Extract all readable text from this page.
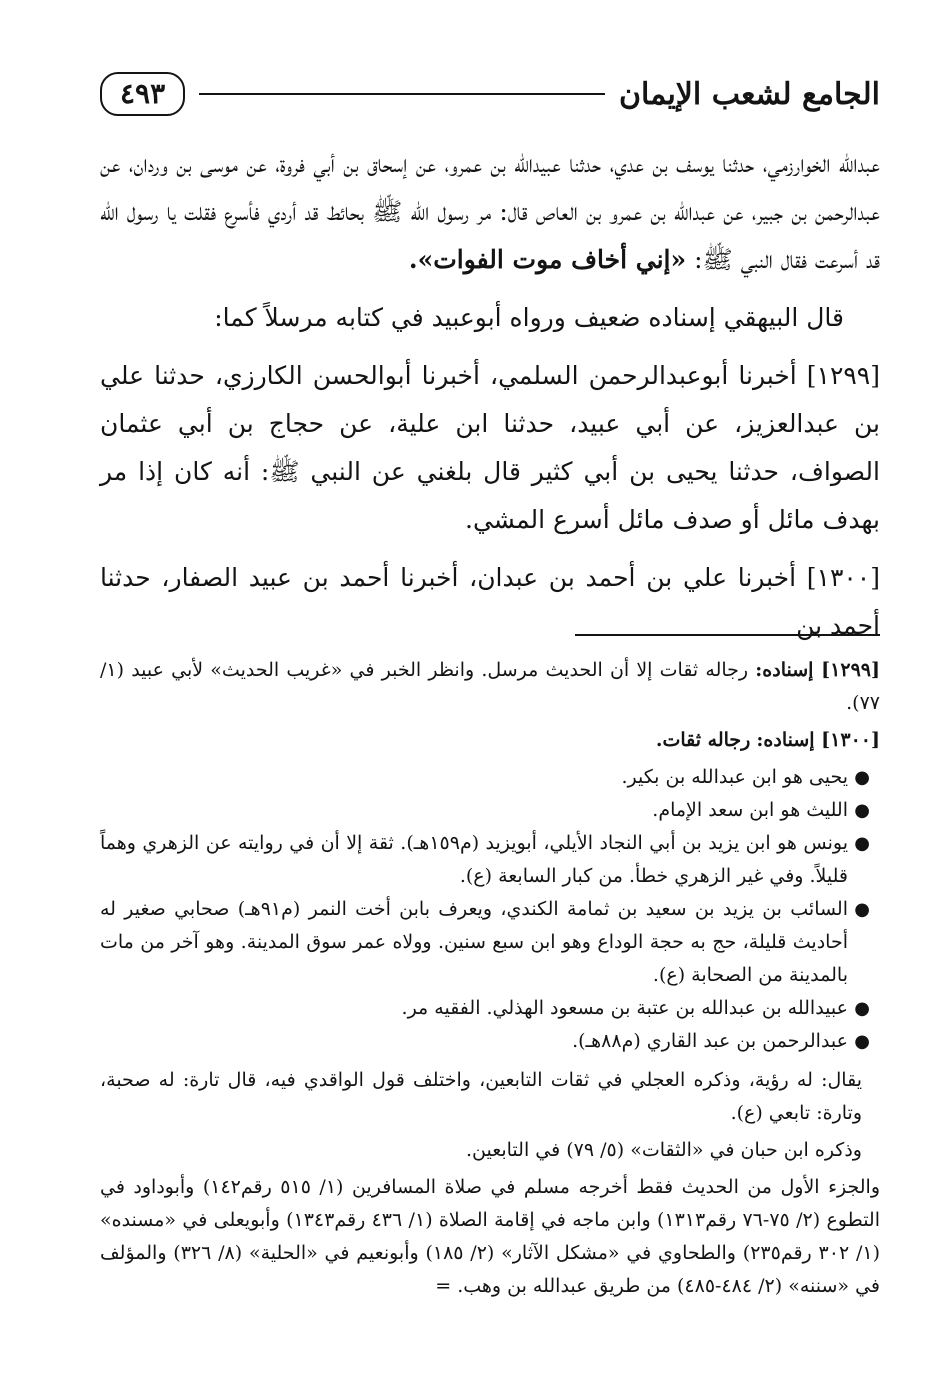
الجامع لشعب الإيمان
٤٩٣

عبدالله الخوارزمي، حدثنا يوسف بن عدي، حدثنا عبيدالله بن عمرو، عن إسحاق بن أبي فروة، عن موسى بن وردان، عن عبدالرحمن بن جبير، عن عبدالله بن عمرو بن العاص قال: مر رسول الله ﷺ بحائط قد أردي فأسرع فقلت يا رسول الله قد أسرعت فقال النبي ﷺ: «إني أخاف موت الفوات».

قال البيهقي إسناده ضعيف ورواه أبوعبيد في كتابه مرسلاً كما:

[١٢٩٩] أخبرنا أبوعبدالرحمن السلمي، أخبرنا أبوالحسن الكارزي، حدثنا علي بن عبدالعزيز، عن أبي عبيد، حدثنا ابن علية، عن حجاج بن أبي عثمان الصواف، حدثنا يحيى بن أبي كثير قال بلغني عن النبي ﷺ: أنه كان إذا مر بهدف مائل أو صدف مائل أسرع المشي.

[١٣٠٠] أخبرنا علي بن أحمد بن عبدان، أخبرنا أحمد بن عبيد الصفار، حدثنا أحمد بن

[١٢٩٩] إسناده: رجاله ثقات إلا أن الحديث مرسل. وانظر الخبر في «غريب الحديث» لأبي عبيد (١/ ٧٧).

[١٣٠٠] إسناده: رجاله ثقات.

●
يحيى هو ابن عبدالله بن بكير.
●
الليث هو ابن سعد الإمام.
●
يونس هو ابن يزيد بن أبي النجاد الأيلي، أبويزيد (م١٥٩هـ). ثقة إلا أن في روايته عن الزهري وهماً قليلاً. وفي غير الزهري خطأ. من كبار السابعة (ع).
●
السائب بن يزيد بن سعيد بن ثمامة الكندي، ويعرف بابن أخت النمر (م٩١هـ) صحابي صغير له أحاديث قليلة، حج به حجة الوداع وهو ابن سبع سنين. وولاه عمر سوق المدينة. وهو آخر من مات بالمدينة من الصحابة (ع).
●
عبيدالله بن عبدالله بن عتبة بن مسعود الهذلي. الفقيه مر.
●
عبدالرحمن بن عبد القاري (م٨٨هـ).

يقال: له رؤية، وذكره العجلي في ثقات التابعين، واختلف قول الواقدي فيه، قال تارة: له صحبة، وتارة: تابعي (ع).

وذكره ابن حبان في «الثقات» (٥/ ٧٩) في التابعين.

والجزء الأول من الحديث فقط أخرجه مسلم في صلاة المسافرين (١/ ٥١٥ رقم١٤٢) وأبوداود في التطوع (٢/ ٧٥-٧٦ رقم١٣١٣) وابن ماجه في إقامة الصلاة (١/ ٤٣٦ رقم١٣٤٣) وأبويعلى في «مسنده» (١/ ٣٠٢ رقم٢٣٥) والطحاوي في «مشكل الآثار» (٢/ ١٨٥) وأبونعيم في «الحلية» (٨/ ٣٢٦) والمؤلف في «سننه» (٢/ ٤٨٤-٤٨٥) من طريق عبدالله بن وهب. =
